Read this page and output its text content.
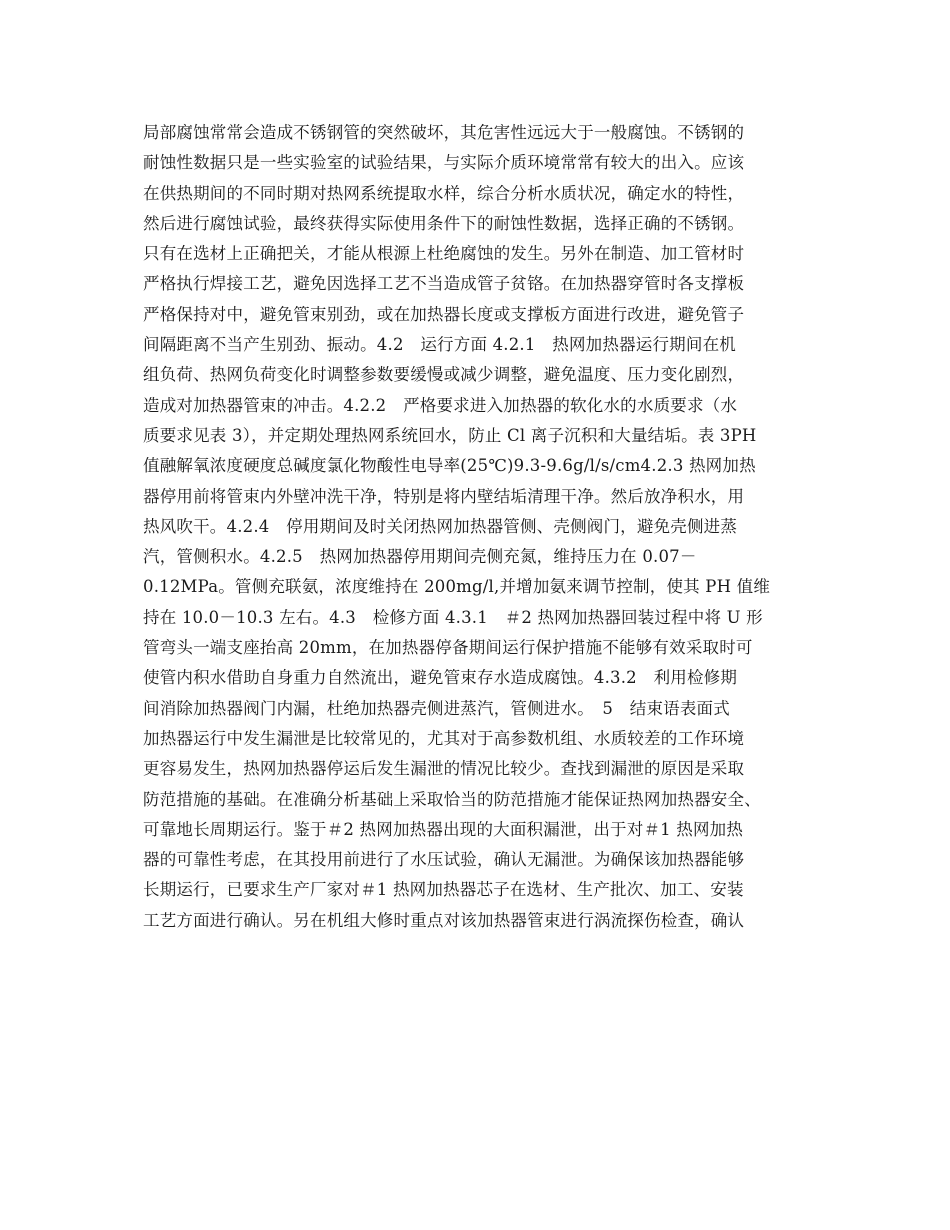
局部腐蚀常常会造成不锈钢管的突然破坏，其危害性远远大于一般腐蚀。不锈钢的
耐蚀性数据只是一些实验室的试验结果，与实际介质环境常常有较大的出入。应该
在供热期间的不同时期对热网系统提取水样，综合分析水质状况，确定水的特性，
然后进行腐蚀试验，最终获得实际使用条件下的耐蚀性数据，选择正确的不锈钢。
只有在选材上正确把关，才能从根源上杜绝腐蚀的发生。另外在制造、加工管材时
严格执行焊接工艺，避免因选择工艺不当造成管子贫铬。在加热器穿管时各支撑板
严格保持对中，避免管束别劲，或在加热器长度或支撑板方面进行改进，避免管子
间隔距离不当产生别劲、振动。4.2　运行方面 4.2.1　热网加热器运行期间在机
组负荷、热网负荷变化时调整参数要缓慢或减少调整，避免温度、压力变化剧烈，
造成对加热器管束的冲击。4.2.2　严格要求进入加热器的软化水的水质要求（水
质要求见表 3），并定期处理热网系统回水，防止 Cl 离子沉积和大量结垢。表 3PH
值融解氧浓度硬度总碱度氯化物酸性电导率(25℃)9.3-9.6g/l/s/cm4.2.3 热网加热
器停用前将管束内外壁冲洗干净，特别是将内壁结垢清理干净。然后放净积水，用
热风吹干。4.2.4　停用期间及时关闭热网加热器管侧、壳侧阀门，避免壳侧进蒸
汽，管侧积水。4.2.5　热网加热器停用期间壳侧充氮，维持压力在 0.07－
0.12MPa。管侧充联氨，浓度维持在 200mg/l,并增加氨来调节控制，使其 PH 值维
持在 10.0－10.3 左右。4.3　检修方面 4.3.1　＃2 热网加热器回装过程中将 U 形
管弯头一端支座抬高 20mm，在加热器停备期间运行保护措施不能够有效采取时可
使管内积水借助自身重力自然流出，避免管束存水造成腐蚀。4.3.2　利用检修期
间消除加热器阀门内漏，杜绝加热器壳侧进蒸汽，管侧进水。　5　结束语表面式
加热器运行中发生漏泄是比较常见的，尤其对于高参数机组、水质较差的工作环境
更容易发生，热网加热器停运后发生漏泄的情况比较少。查找到漏泄的原因是采取
防范措施的基础。在准确分析基础上采取恰当的防范措施才能保证热网加热器安全、
可靠地长周期运行。鉴于＃2 热网加热器出现的大面积漏泄，出于对＃1 热网加热
器的可靠性考虑，在其投用前进行了水压试验，确认无漏泄。为确保该加热器能够
长期运行，已要求生产厂家对＃1 热网加热器芯子在选材、生产批次、加工、安装
工艺方面进行确认。另在机组大修时重点对该加热器管束进行涡流探伤检查，确认
